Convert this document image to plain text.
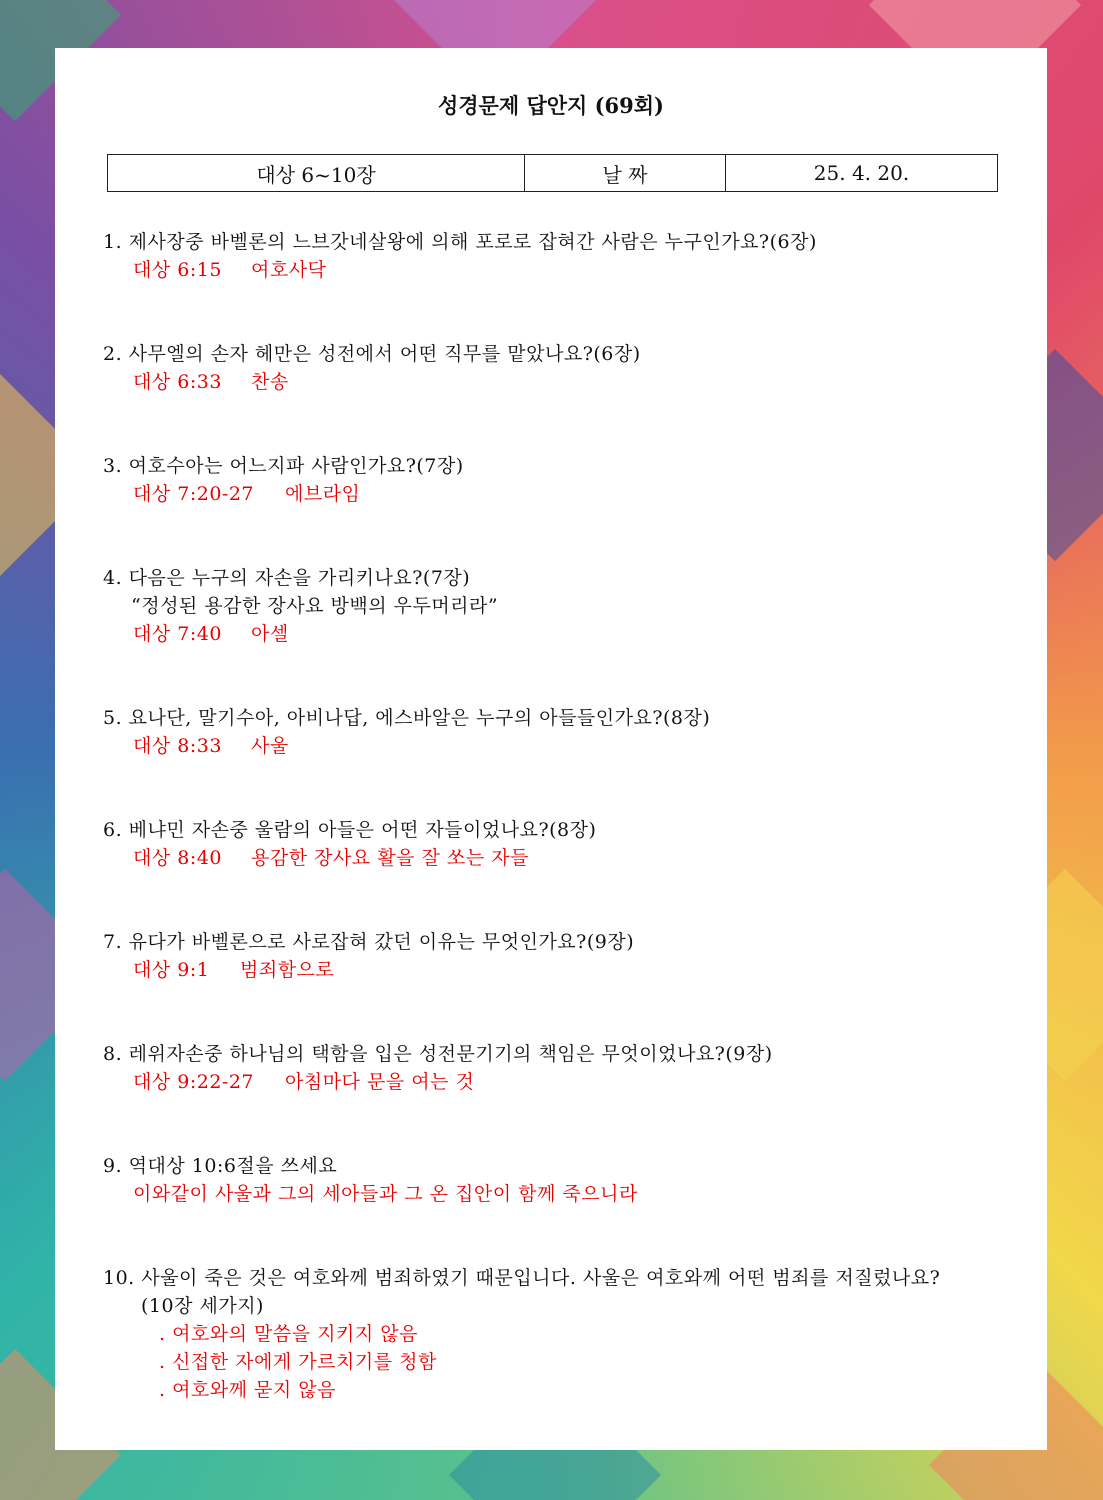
성경문제 답안지 (69회)
대상 6~10장	날 짜	25. 4. 20.
1. 제사장중 바벨론의 느브갓네살왕에 의해 포로로 잡혀간 사람은 누구인가요?(6장)
대상 6:15 여호사닥
2. 사무엘의 손자 헤만은 성전에서 어떤 직무를 맡았나요?(6장)
대상 6:33 찬송
3. 여호수아는 어느지파 사람인가요?(7장)
대상 7:20-27 에브라임
4. 다음은 누구의 자손을 가리키나요?(7장)
“정성된 용감한 장사요 방백의 우두머리라”
대상 7:40 아셀
5. 요나단, 말기수아, 아비나답, 에스바알은 누구의 아들들인가요?(8장)
대상 8:33 사울
6. 베냐민 자손중 울람의 아들은 어떤 자들이었나요?(8장)
대상 8:40 용감한 장사요 활을 잘 쏘는 자들
7. 유다가 바벨론으로 사로잡혀 갔던 이유는 무엇인가요?(9장)
대상 9:1 범죄함으로
8. 레위자손중 하나님의 택함을 입은 성전문기기의 책임은 무엇이었나요?(9장)
대상 9:22-27 아침마다 문을 여는 것
9. 역대상 10:6절을 쓰세요
이와같이 사울과 그의 세아들과 그 온 집안이 함께 죽으니라
10. 사울이 죽은 것은 여호와께 범죄하였기 때문입니다. 사울은 여호와께 어떤 범죄를 저질렀나요?
(10장 세가지)
. 여호와의 말씀을 지키지 않음
. 신접한 자에게 가르치기를 청함
. 여호와께 묻지 않음
